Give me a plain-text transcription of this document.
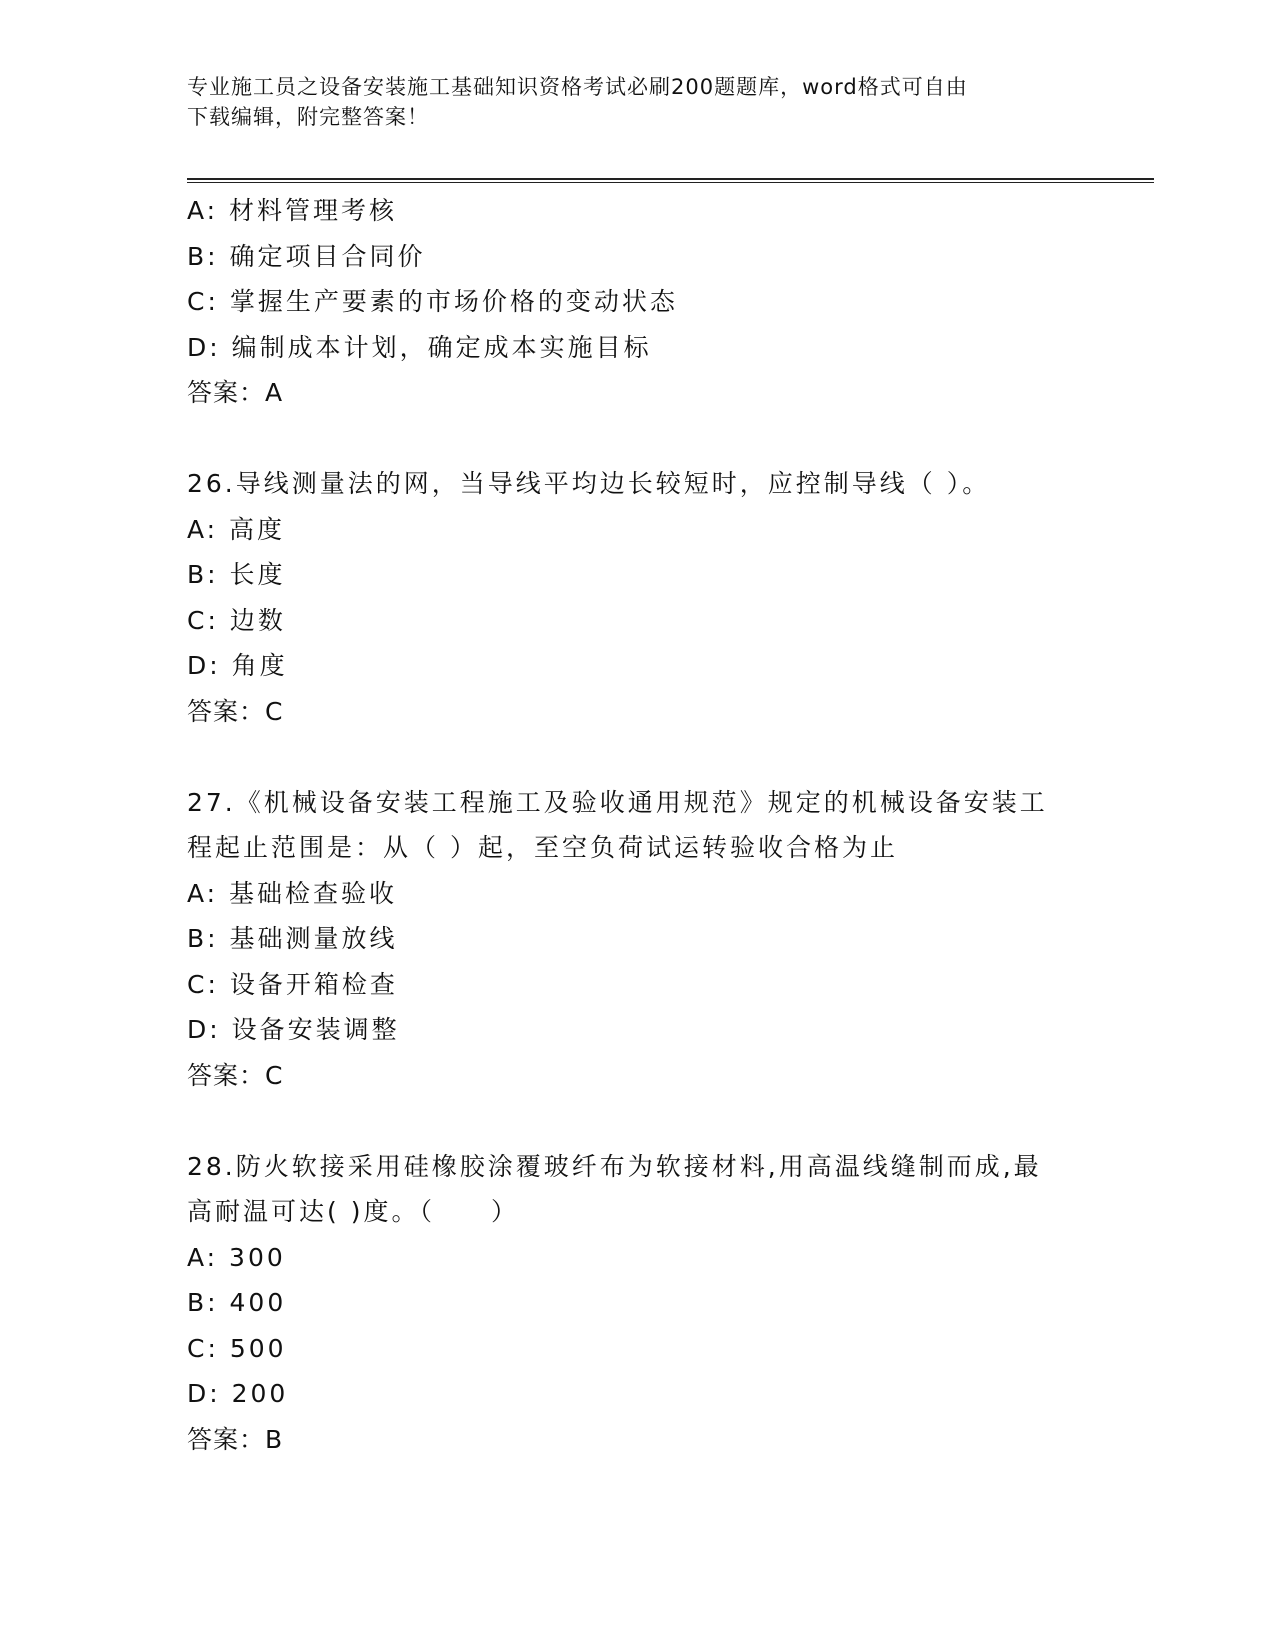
专业施工员之设备安装施工基础知识资格考试必刷200题题库，word格式可自由
下载编辑，附完整答案！
A: 材料管理考核
B: 确定项目合同价
C: 掌握生产要素的市场价格的变动状态
D: 编制成本计划，确定成本实施目标
答案：A
26.导线测量法的网，当导线平均边长较短时，应控制导线（ ）。
A: 高度
B: 长度
C: 边数
D: 角度
答案：C
27.《机械设备安装工程施工及验收通用规范》规定的机械设备安装工
程起止范围是：从（ ）起，至空负荷试运转验收合格为止
A: 基础检查验收
B: 基础测量放线
C: 设备开箱检查
D: 设备安装调整
答案：C
28.防火软接采用硅橡胶涂覆玻纤布为软接材料,用高温线缝制而成,最
高耐温可达( )度。（　　）
A: 300
B: 400
C: 500
D: 200
答案：B
